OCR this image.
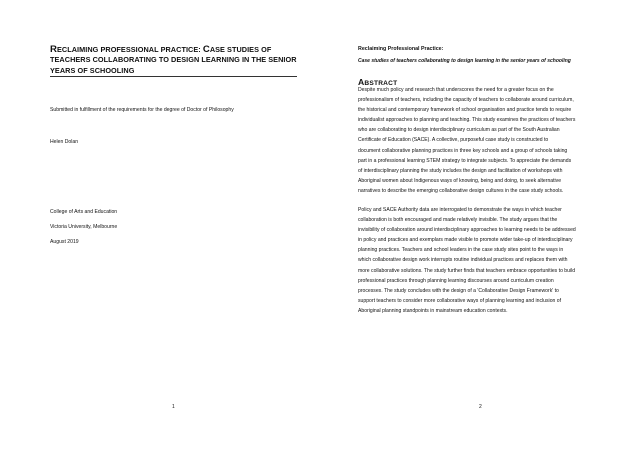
RECLAIMING PROFESSIONAL PRACTICE: CASE STUDIES OF TEACHERS COLLABORATING TO DESIGN LEARNING IN THE SENIOR YEARS OF SCHOOLING
Submitted in fulfillment of the requirements for the degree of Doctor of Philosophy
Helen Dolan
College of Arts and Education
Victoria University, Melbourne
August 2019
1
Reclaiming Professional Practice:
Case studies of teachers collaborating to design learning in the senior years of schooling
ABSTRACT
Despite much policy and research that underscores the need for a greater focus on the
professionalism of teachers, including the capacity of teachers to collaborate around curriculum,
the historical and contemporary framework of school organisation and practice tends to require
individualist approaches to planning and teaching. This study examines the practices of teachers
who are collaborating to design interdisciplinary curriculum as part of the South Australian
Certificate of Education (SACE). A collective, purposeful case study is constructed to
document collaborative planning practices in three key schools and a group of schools taking
part in a professional learning STEM strategy to integrate subjects. To appreciate the demands
of interdisciplinary planning the study includes the design and facilitation of workshops with
Aboriginal women about Indigenous ways of knowing, being and doing, to seek alternative
narratives to describe the emerging collaborative design cultures in the case study schools.
Policy and SACE Authority data are interrogated to demonstrate the ways in which teacher
collaboration is both encouraged and made relatively invisible. The study argues that the
invisibility of collaboration around interdisciplinary approaches to learning needs to be addressed
in policy and practices and exemplars made visible to promote wider take-up of interdisciplinary
planning practices. Teachers and school leaders in the case study sites point to the ways in
which collaborative design work interrupts routine individual practices and replaces them with
more collaborative solutions. The study further finds that teachers embrace opportunities to build
professional practices through planning learning discourses around curriculum creation
processes. The study concludes with the design of a 'Collaborative Design Framework' to
support teachers to consider more collaborative ways of planning learning and inclusion of
Aboriginal planning standpoints in mainstream education contexts.
2
